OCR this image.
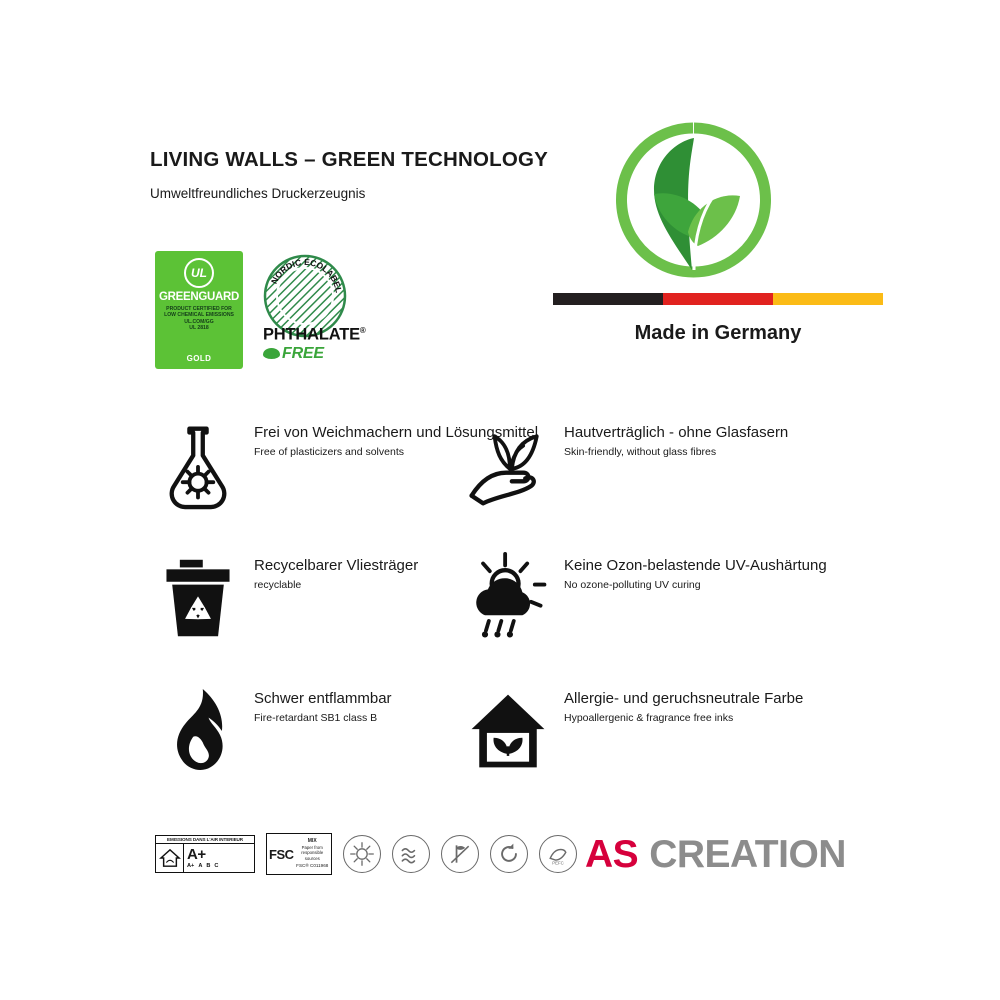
LIVING WALLS – GREEN TECHNOLOGY
Umweltfreundliches Druckerzeugnis
UL
GREENGUARD
PRODUCT CERTIFIED FOR
LOW CHEMICAL EMISSIONS
UL.COM/GG
UL 2818
GOLD
NORDIC ECOLABEL
PHTHALATE®
FREE
Made in Germany
Frei von Weichmachern und Lösungsmittel
Free of plasticizers and solvents
Hautverträglich - ohne Glasfasern
Skin-friendly, without glass fibres
Recycelbarer Vliesträger
recyclable
Keine Ozon-belastende UV-Aushärtung
No ozone-polluting UV curing
Schwer entflammbar
Fire-retardant SB1 class B
Allergie- und geruchsneutrale Farbe
Hypoallergenic & fragrance free inks
EMISSIONS DANS L'AIR INTERIEUR
A+
A+ A B C
FSC
MIX
Paper from responsible sources
FSC® C011968
PEFC AS CREATION
